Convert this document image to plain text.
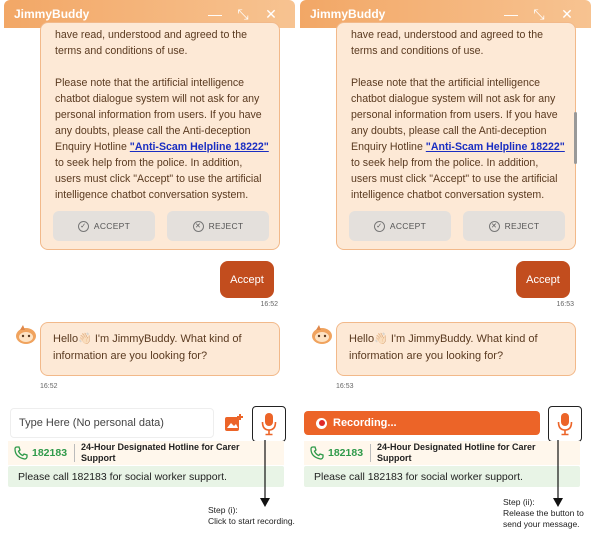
JimmyBuddy	—	⤡	✕

have read, understood and agreed to the terms and conditions of use.

Please note that the artificial intelligence chatbot dialogue system will not ask for any personal information from users. If you have any doubts, please call the Anti-deception Enquiry Hotline "Anti-Scam Helpline 18222" to seek help from the police. In addition, users must click "Accept" to use the artificial intelligence chatbot conversation system.

✓ ACCEPT	✕ REJECT
Accept
16:52
Hello👋🏻 I'm JimmyBuddy. What kind of information are you looking for?
16:52
Type Here (No personal data)
182183 24-Hour Designated Hotline for Carer Support
Please call 182183 for social worker support.
JimmyBuddy	—	⤡	✕

have read, understood and agreed to the terms and conditions of use.

Please note that the artificial intelligence chatbot dialogue system will not ask for any personal information from users. If you have any doubts, please call the Anti-deception Enquiry Hotline "Anti-Scam Helpline 18222" to seek help from the police. In addition, users must click "Accept" to use the artificial intelligence chatbot conversation system.

✓ ACCEPT	✕ REJECT
Accept
16:53
Hello👋🏻 I'm JimmyBuddy. What kind of information are you looking for?
16:53
Recording...
182183 24-Hour Designated Hotline for Carer Support
Please call 182183 for social worker support.
Step (i):
Click to start recording.
Step (ii):
Release the button to
send your message.
